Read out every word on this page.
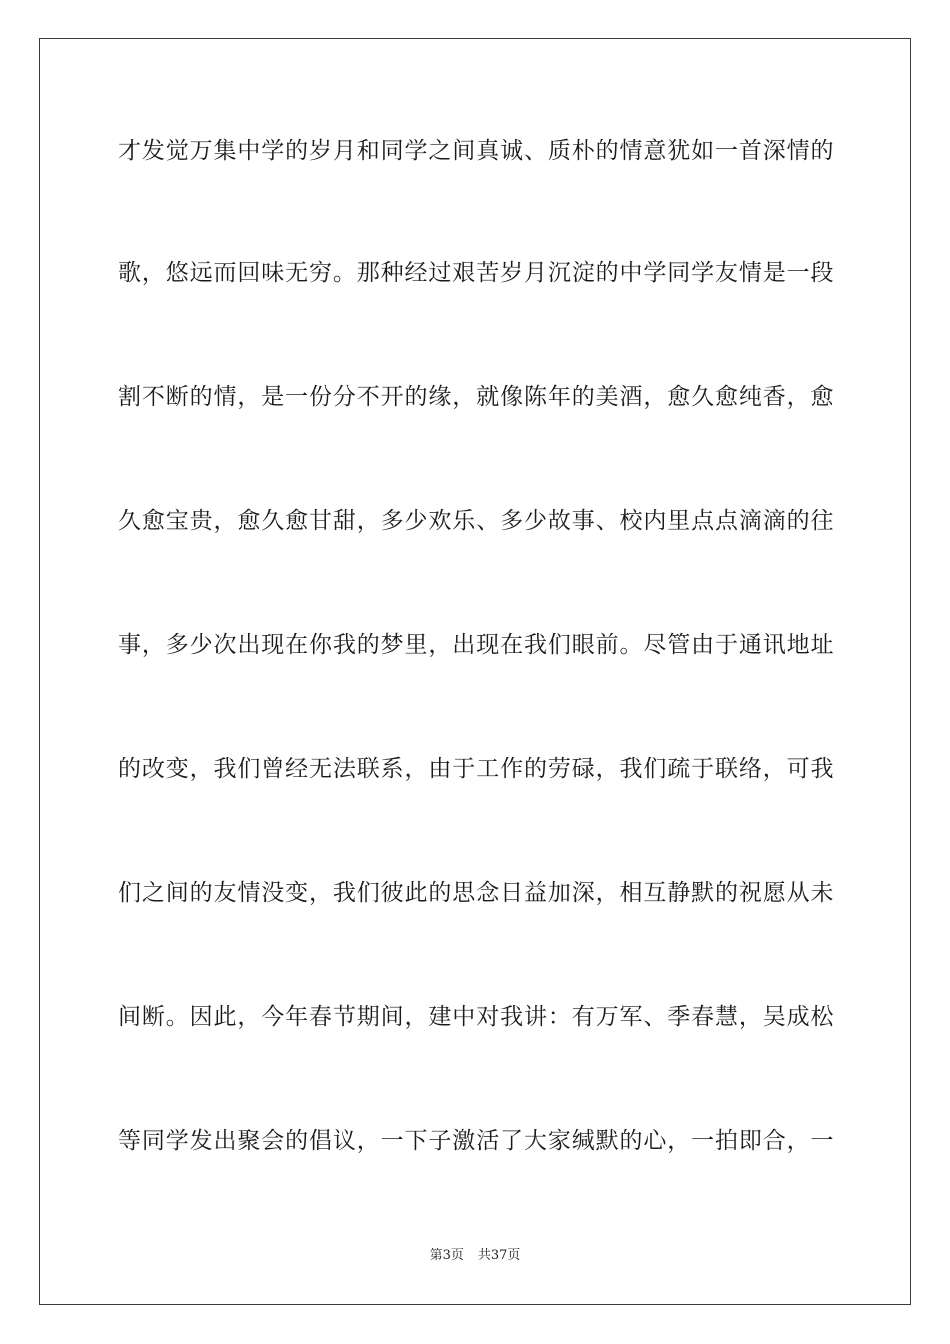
才发觉万集中学的岁月和同学之间真诚、质朴的情意犹如一首深情的
歌，悠远而回味无穷。那种经过艰苦岁月沉淀的中学同学友情是一段
割不断的情，是一份分不开的缘，就像陈年的美酒，愈久愈纯香，愈
久愈宝贵，愈久愈甘甜，多少欢乐、多少故事、校内里点点滴滴的往
事，多少次出现在你我的梦里，出现在我们眼前。尽管由于通讯地址
的改变，我们曾经无法联系，由于工作的劳碌，我们疏于联络，可我
们之间的友情没变，我们彼此的思念日益加深，相互静默的祝愿从未
间断。因此，今年春节期间，建中对我讲：有万军、季春慧，吴成松
等同学发出聚会的倡议，一下子激活了大家缄默的心，一拍即合，一
第3页 共37页
